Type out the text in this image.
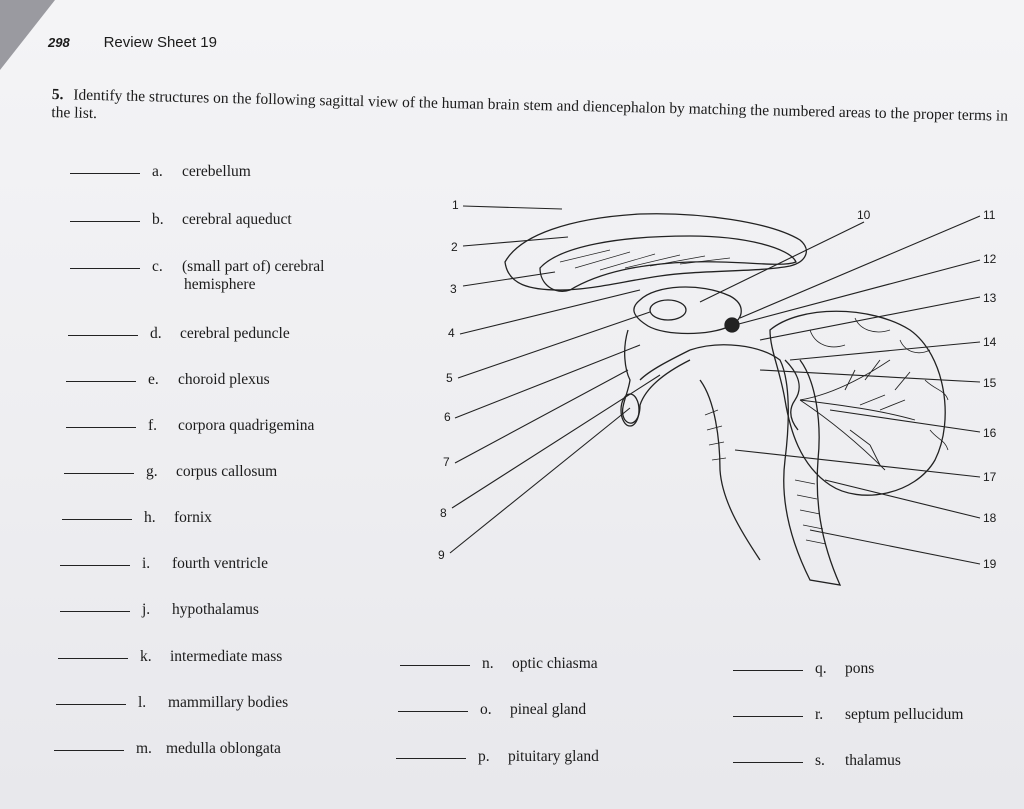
298 Review Sheet 19
5. Identify the structures on the following sagittal view of the human brain stem and diencephalon by matching the numbered areas to the proper terms in the list.
a. cerebellum
b. cerebral aqueduct
c. (small part of) cerebral
hemisphere
d. cerebral peduncle
e. choroid plexus
f. corpora quadrigemina
g. corpus callosum
h. fornix
i. fourth ventricle
j. hypothalamus
k. intermediate mass
l. mammillary bodies
m. medulla oblongata
n. optic chiasma
o. pineal gland
p. pituitary gland
q. pons
r. septum pellucidum
s. thalamus
1
2
3
4
5
6
7
8
9
10	11
12
13
14
15
16
17
18
19
